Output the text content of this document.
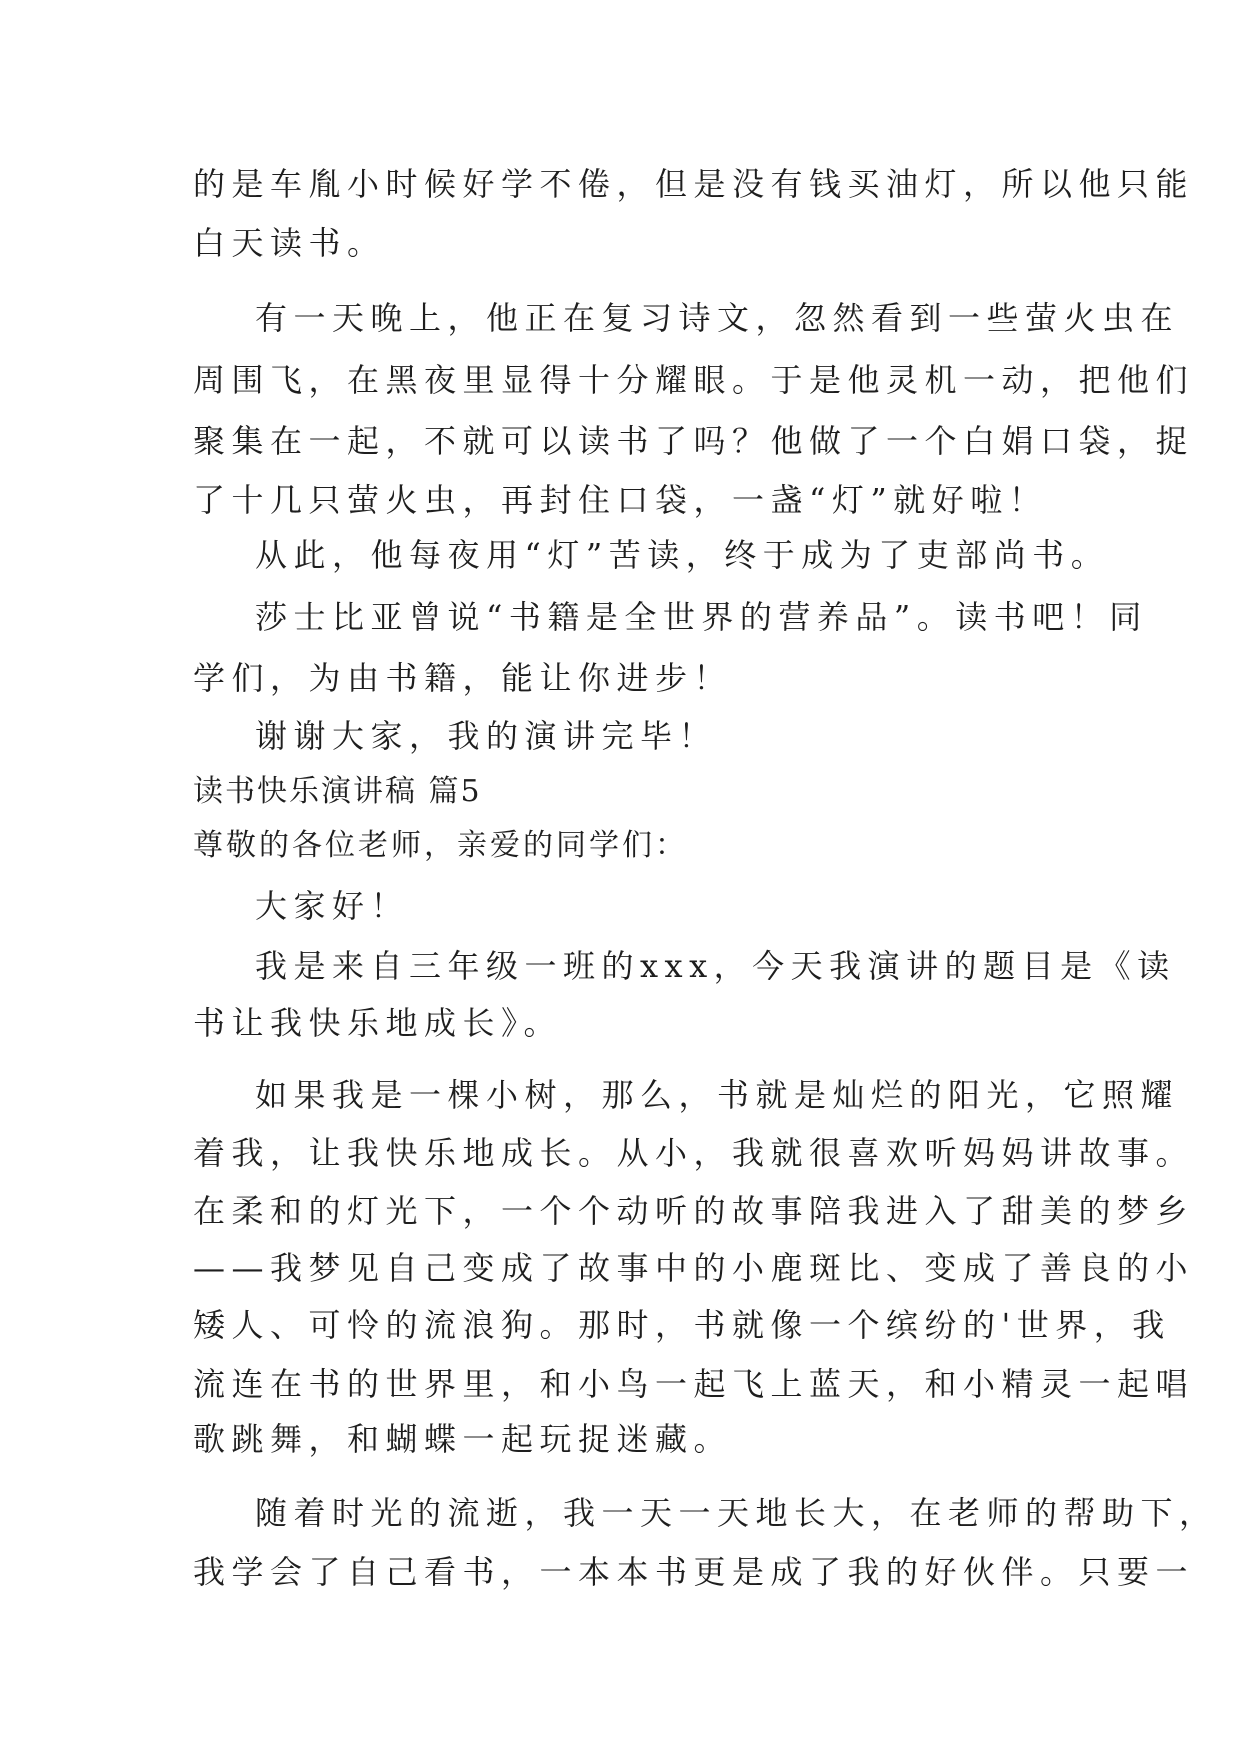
的是车胤小时候好学不倦，但是没有钱买油灯，所以他只能

白天读书。

有一天晚上，他正在复习诗文，忽然看到一些萤火虫在

周围飞，在黑夜里显得十分耀眼。于是他灵机一动，把他们

聚集在一起，不就可以读书了吗？他做了一个白娟口袋，捉

了十几只萤火虫，再封住口袋，一盏“灯”就好啦！

从此，他每夜用“灯”苦读，终于成为了吏部尚书。

莎士比亚曾说“书籍是全世界的营养品”。读书吧！同

学们，为由书籍，能让你进步！

谢谢大家，我的演讲完毕！

读书快乐演讲稿 篇5

尊敬的各位老师，亲爱的同学们：

大家好！

我是来自三年级一班的xxx，今天我演讲的题目是《读

书让我快乐地成长》。

如果我是一棵小树，那么，书就是灿烂的阳光，它照耀

着我，让我快乐地成长。从小，我就很喜欢听妈妈讲故事。

在柔和的灯光下，一个个动听的故事陪我进入了甜美的梦乡

——我梦见自己变成了故事中的小鹿斑比、变成了善良的小

矮人、可怜的流浪狗。那时，书就像一个缤纷的'世界，我

流连在书的世界里，和小鸟一起飞上蓝天，和小精灵一起唱

歌跳舞，和蝴蝶一起玩捉迷藏。

随着时光的流逝，我一天一天地长大，在老师的帮助下，

我学会了自己看书，一本本书更是成了我的好伙伴。只要一
